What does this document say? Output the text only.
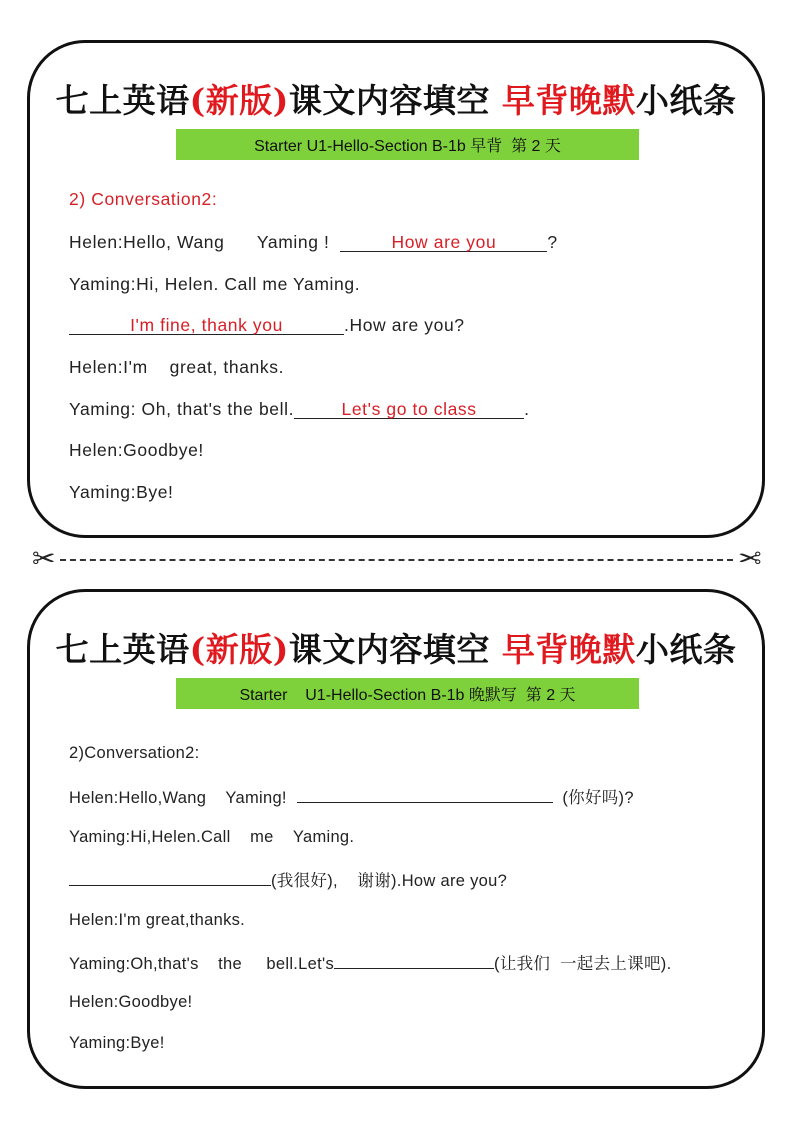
七上英语(新版)课文内容填空 早背晚默小纸条
Starter U1-Hello-Section B-1b 早背  第 2 天
2) Conversation2:
Helen:Hello, Wang      Yaming !	How are you	?
Yaming:Hi, Helen. Call me Yaming.
I'm fine, thank you	.How are you?
Helen:I'm    great, thanks.
Yaming: Oh, that's the bell.	Let's go to class	.
Helen:Goodbye!
Yaming:Bye!
✂	✂
七上英语(新版)课文内容填空 早背晚默小纸条
Starter    U1-Hello-Section B-1b 晚默写  第 2 天
2)Conversation2:
Helen:Hello,Wang    Yaming!	(你好吗)?
Yaming:Hi,Helen.Call    me    Yaming.
(我很好),    谢谢).How are you?
Helen:I'm great,thanks.
Yaming:Oh,that's    the     bell.Let's	(让我们  一起去上课吧).
Helen:Goodbye!
Yaming:Bye!
